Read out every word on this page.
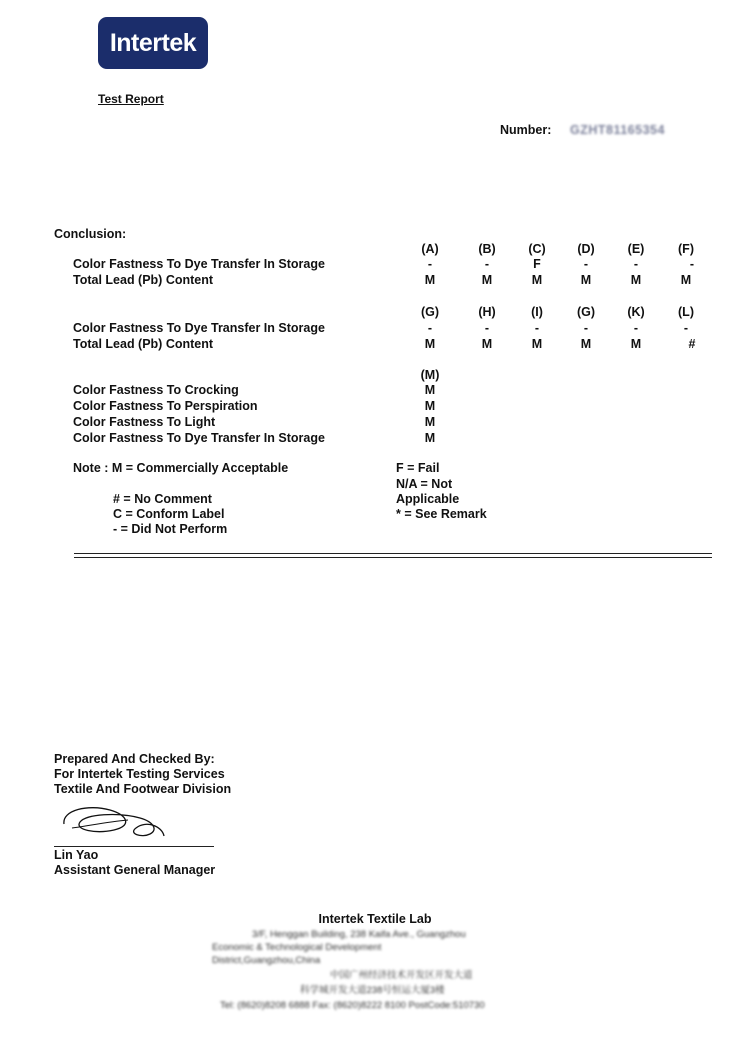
Intertek
Test Report
Number: GZHT81165354
Conclusion:
(A)	(B)	(C)	(D)	(E)	(F)
Color Fastness To Dye Transfer In Storage	-	-	F	-	-	-
Total Lead (Pb) Content	M	M	M	M	M	M
(G)	(H)	(I)	(G)	(K)	(L)
Color Fastness To Dye Transfer In Storage	-	-	-	-	-	-
Total Lead (Pb) Content	M	M	M	M	M	#
(M)
Color Fastness To Crocking	M
Color Fastness To Perspiration	M
Color Fastness To Light	M
Color Fastness To Dye Transfer In Storage	M
Note : M = Commercially Acceptable	F = Fail
N/A = Not
# = No Comment	Applicable
C = Conform Label	* = See Remark
- = Did Not Perform
Prepared And Checked By:
For Intertek Testing Services
Textile And Footwear Division
Lin Yao
Assistant General Manager
Intertek Textile Lab
3/F, Henggan Building, 238 Kaifa Ave., Guangzhou
Economic & Technological Development
District,Guangzhou,China
中国广州经济技术开发区开发大道
科学城开发大道238号恒运大厦3楼
Tel: (8620)8208 6888 Fax: (8620)8222 8100 PostCode:510730
